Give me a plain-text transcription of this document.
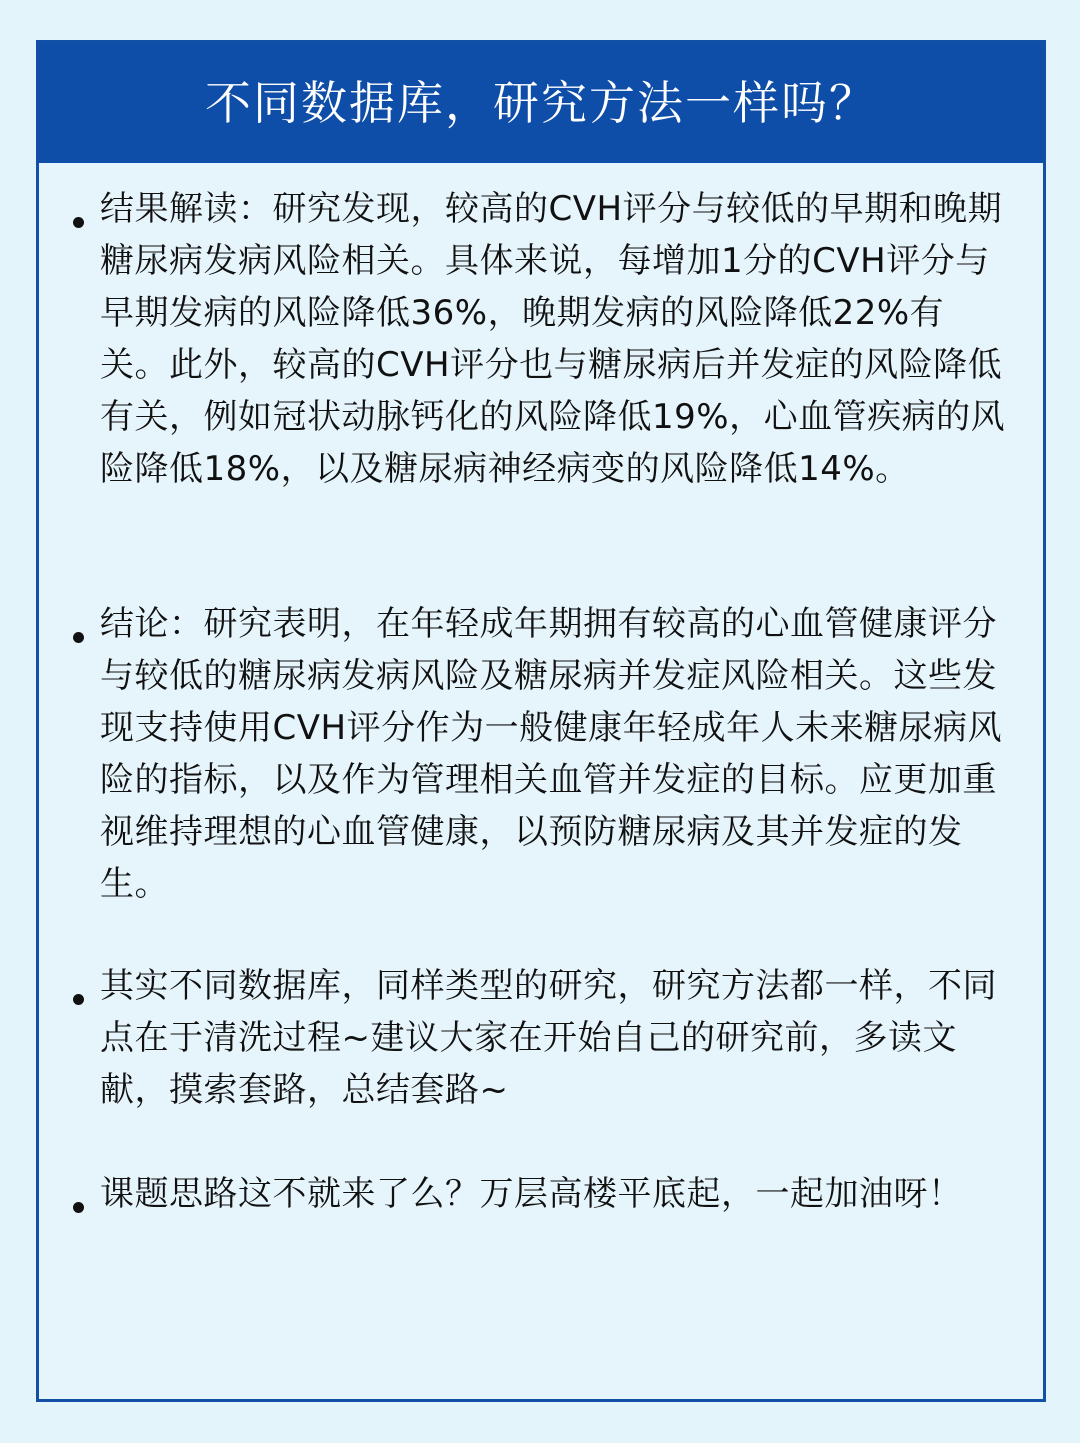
不同数据库，研究方法一样吗？

结果解读：研究发现，较高的CVH评分与较低的早期和晚期糖尿病发病风险相关。具体来说，每增加1分的CVH评分与早期发病的风险降低36%，晚期发病的风险降低22%有关。此外，较高的CVH评分也与糖尿病后并发症的风险降低有关，例如冠状动脉钙化的风险降低19%，心血管疾病的风险降低18%，以及糖尿病神经病变的风险降低14%。

结论：研究表明，在年轻成年期拥有较高的心血管健康评分与较低的糖尿病发病风险及糖尿病并发症风险相关。这些发现支持使用CVH评分作为一般健康年轻成年人未来糖尿病风险的指标，以及作为管理相关血管并发症的目标。应更加重视维持理想的心血管健康，以预防糖尿病及其并发症的发生。

其实不同数据库，同样类型的研究，研究方法都一样，不同点在于清洗过程~建议大家在开始自己的研究前，多读文献，摸索套路，总结套路~

课题思路这不就来了么？万层高楼平底起，一起加油呀！
